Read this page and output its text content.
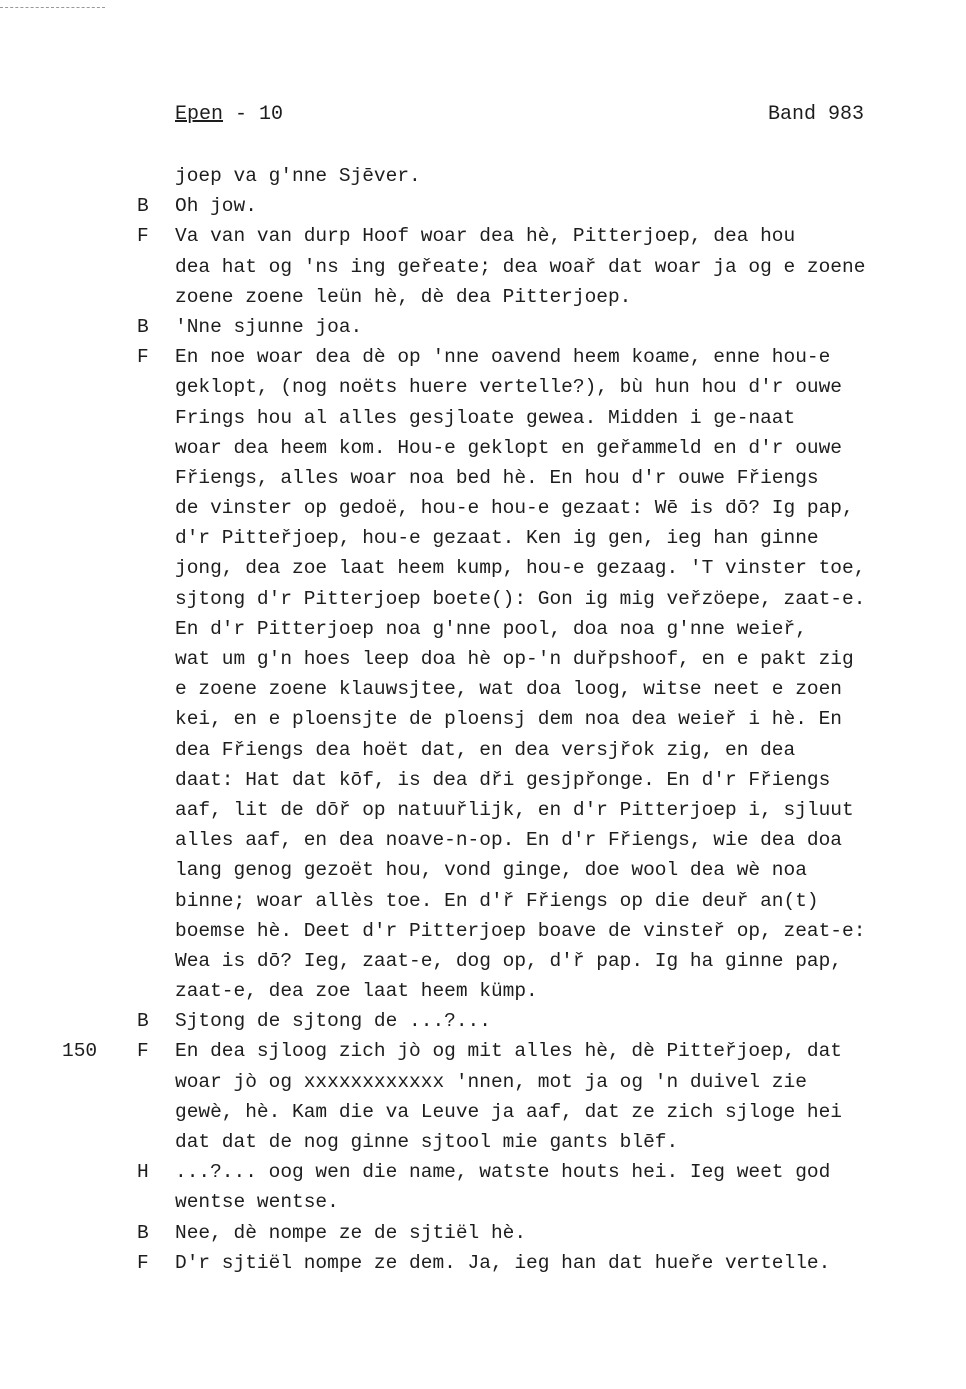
Epen - 10	Band 983
joep va g'nne Sjēver.
B Oh jow.
F Va van van durp Hoof woar dea hè, Pitterjoep, dea hou
dea hat og 'ns ing geřeate; dea woař dat woar ja og e zoene
zoene zoene leün hè, dè dea Pitterjoep.
B 'Nne sjunne joa.
F En noe woar dea dè op 'nne oavend heem koame, enne hou-e
geklopt, (nog noëts huere vertelle?), bù hun hou d'r ouwe
Frings hou al alles gesjloate gewea. Midden i ge-naat
woar dea heem kom. Hou-e geklopt en geřammeld en d'r ouwe
Fřiengs, alles woar noa bed hè. En hou d'r ouwe Fřiengs
de vinster op gedoë, hou-e hou-e gezaat: Wē is dō? Ig pap,
d'r Pitteřjoep, hou-e gezaat. Ken ig gen, ieg han ginne
jong, dea zoe laat heem kump, hou-e gezaag. 'T vinster toe,
sjtong d'r Pitterjoep boete(): Gon ig mig veřzöepe, zaat-e.
En d'r Pitterjoep noa g'nne pool, doa noa g'nne weieř,
wat um g'n hoes leep doa hè op-'n duřpshoof, en e pakt zig
e zoene zoene klauwsjtee, wat doa loog, witse neet e zoen
kei, en e ploensjte de ploensj dem noa dea weieř i hè. En
dea Fřiengs dea hoët dat, en dea versjřok zig, en dea
daat: Hat dat kōf, is dea dři gesjpřonge. En d'r Fřiengs
aaf, lit de dōř op natuuřlijk, en d'r Pitterjoep i, sjluut
alles aaf, en dea noave-n-op. En d'r Fřiengs, wie dea doa
lang genog gezoët hou, vond ginge, doe wool dea wè noa
binne; woar allès toe. En d'ř Fřiengs op die deuř an(t)
boemse hè. Deet d'r Pitterjoep boave de vinsteř op, zeat-e:
Wea is dō? Ieg, zaat-e, dog op, d'ř pap. Ig ha ginne pap,
zaat-e, dea zoe laat heem kümp.
B Sjtong de sjtong de ...?...
150 F En dea sjloog zich jò og mit alles hè, dè Pitteřjoep, dat
woar jò og xxxxxxxxxxxx 'nnen, mot ja og 'n duivel zie
gewè, hè. Kam die va Leuve ja aaf, dat ze zich sjloge hei
dat dat de nog ginne sjtool mie gants blēf.
H ...?... oog wen die name, watste houts hei. Ieg weet god
wentse wentse.
B Nee, dè nompe ze de sjtiël hè.
F D'r sjtiël nompe ze dem. Ja, ieg han dat hueře vertelle.
